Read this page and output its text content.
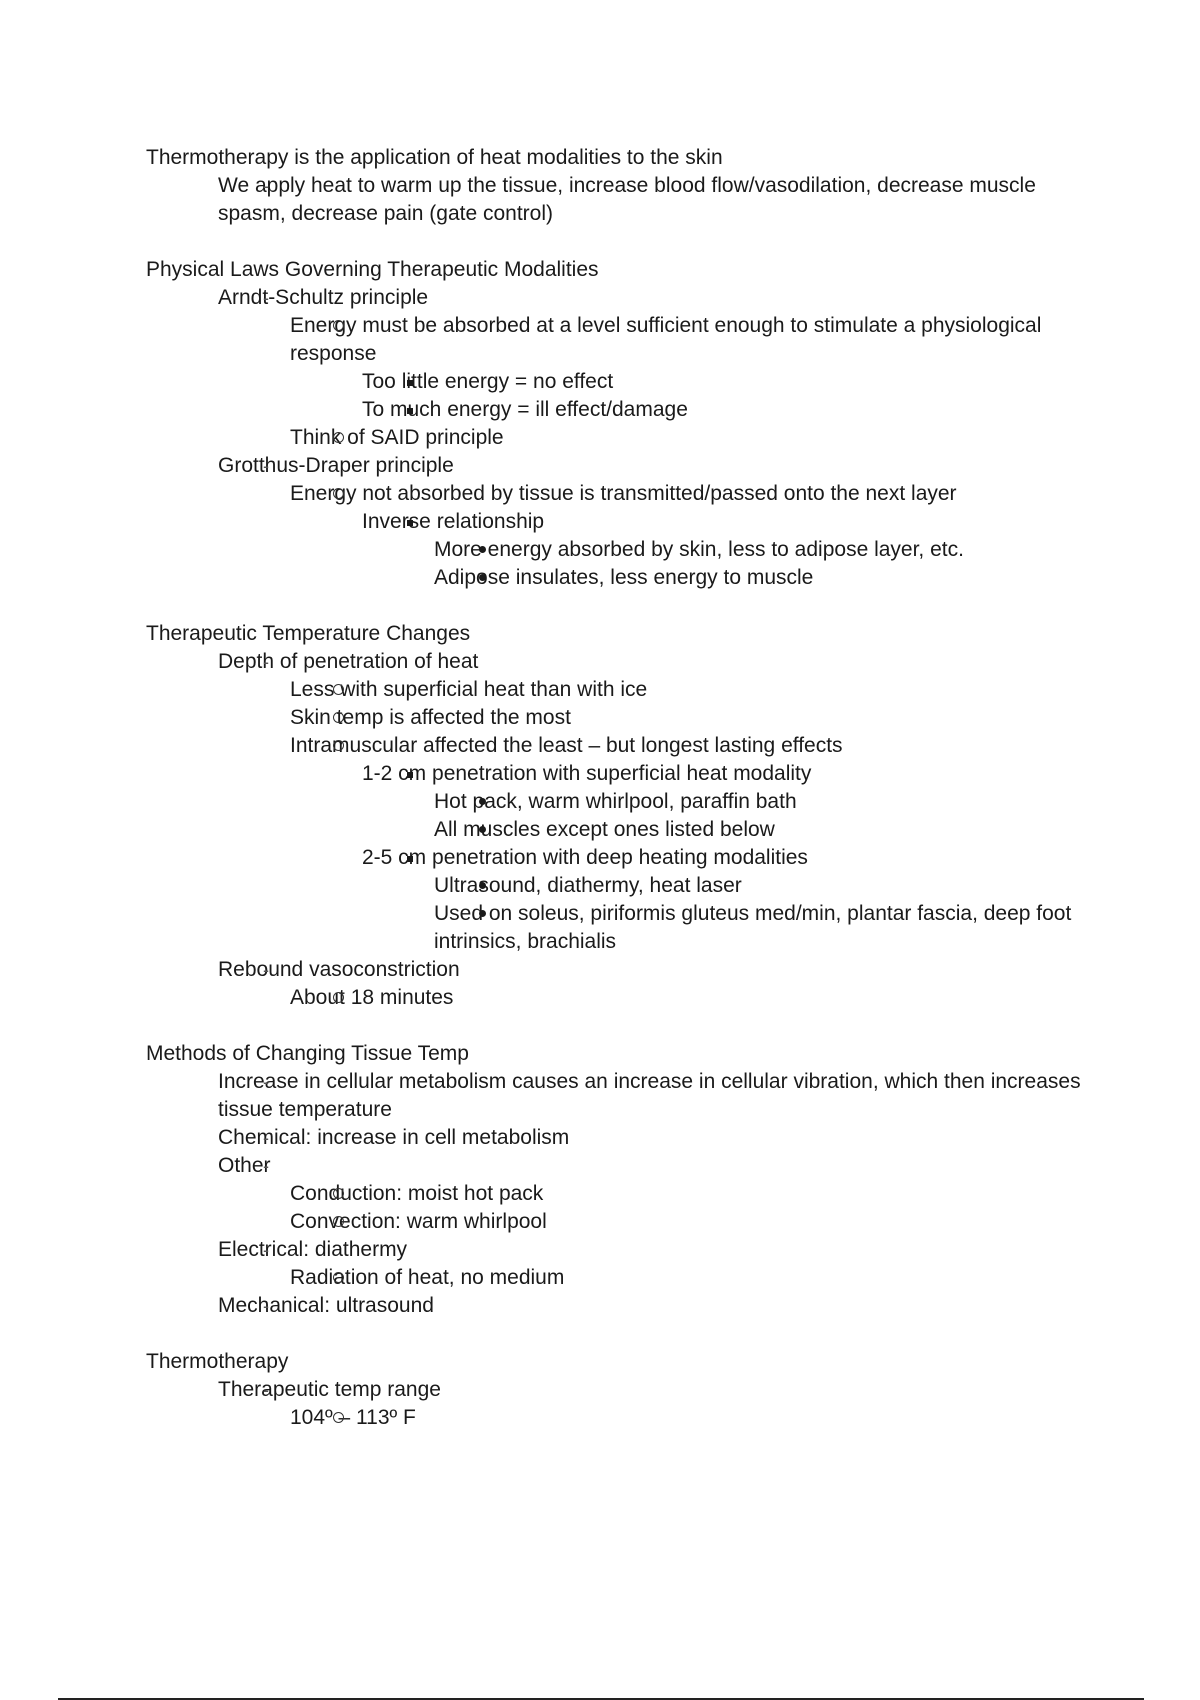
Thermotherapy is the application of heat modalities to the skin
-
We apply heat to warm up the tissue, increase blood flow/vasodilation, decrease muscle spasm, decrease pain (gate control)
Physical Laws Governing Therapeutic Modalities
-
Arndt-Schultz principle
Energy must be absorbed at a level sufficient enough to stimulate a physiological response
Too little energy = no effect
To much energy = ill effect/damage
Think of SAID principle
-
Grotthus-Draper principle
Energy not absorbed by tissue is transmitted/passed onto the next layer
Inverse relationship
More energy absorbed by skin, less to adipose layer, etc.
Adipose insulates, less energy to muscle
Therapeutic Temperature Changes
-
Depth of penetration of heat
Less with superficial heat than with ice
Skin temp is affected the most
Intramuscular affected the least – but longest lasting effects
1-2 cm penetration with superficial heat modality
Hot pack, warm whirlpool, paraffin bath
All muscles except ones listed below
2-5 cm penetration with deep heating modalities
Ultrasound, diathermy, heat laser
Used on soleus, piriformis gluteus med/min, plantar fascia, deep foot intrinsics, brachialis
-
Rebound vasoconstriction
About 18 minutes
Methods of Changing Tissue Temp
-
Increase in cellular metabolism causes an increase in cellular vibration, which then increases tissue temperature
-
Chemical: increase in cell metabolism
-
Other
Conduction: moist hot pack
Convection: warm whirlpool
-
Electrical: diathermy
Radiation of heat, no medium
-
Mechanical: ultrasound
Thermotherapy
-
Therapeutic temp range
104º – 113º F
